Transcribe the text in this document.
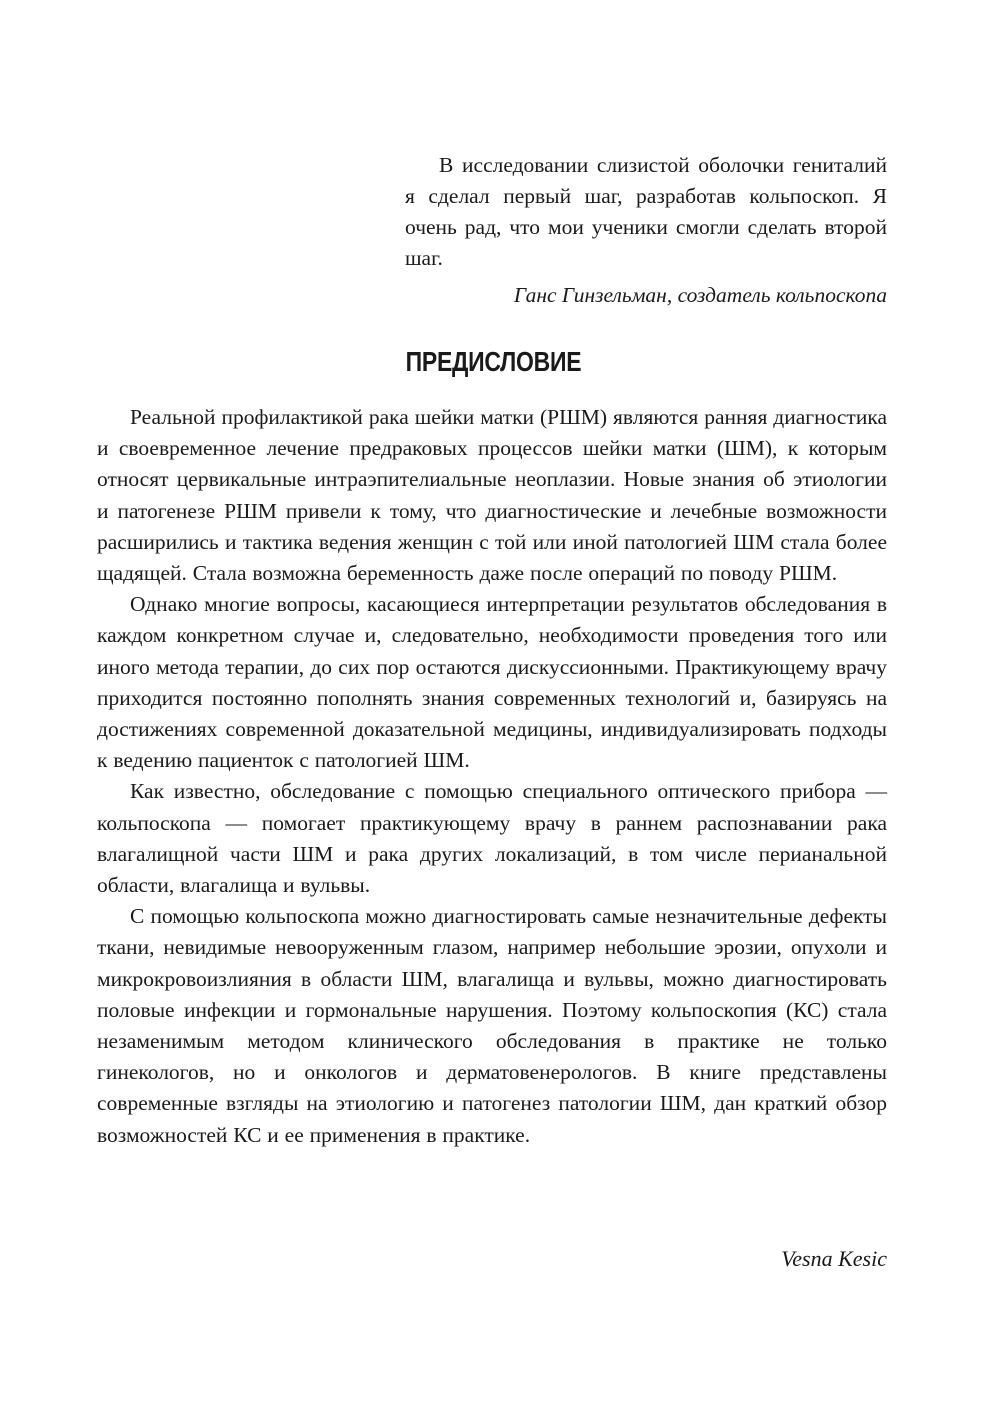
В исследовании слизистой оболочки гениталий я сделал первый шаг, разработав кольпоскоп. Я очень рад, что мои ученики смогли сделать второй шаг.

Ганс Гинзельман, создатель кольпоскопа

ПРЕДИСЛОВИЕ

Реальной профилактикой рака шейки матки (РШМ) являются ранняя диагностика и своевременное лечение предраковых процессов шейки матки (ШМ), к которым относят цервикальные интраэпителиальные неоплазии. Новые знания об этиологии и патогенезе РШМ привели к тому, что диагностические и лечебные возможности расширились и тактика ведения женщин с той или иной патологией ШМ стала более щадящей. Стала возможна беременность даже после операций по поводу РШМ.

Однако многие вопросы, касающиеся интерпретации результатов обследования в каждом конкретном случае и, следовательно, необходимости проведения того или иного метода терапии, до сих пор остаются дискуссионными. Практикующему врачу приходится постоянно пополнять знания современных технологий и, базируясь на достижениях современной доказательной медицины, индивидуализировать подходы к ведению пациенток с патологией ШМ.

Как известно, обследование с помощью специального оптического прибора — кольпоскопа — помогает практикующему врачу в раннем распознавании рака влагалищной части ШМ и рака других локализаций, в том числе перианальной области, влагалища и вульвы.

С помощью кольпоскопа можно диагностировать самые незначительные дефекты ткани, невидимые невооруженным глазом, например небольшие эрозии, опухоли и микрокровоизлияния в области ШМ, влагалища и вульвы, можно диагностировать половые инфекции и гормональные нарушения. Поэтому кольпоскопия (КС) стала незаменимым методом клинического обследования в практике не только гинекологов, но и онкологов и дерматовенерологов. В книге представлены современные взгляды на этиологию и патогенез патологии ШМ, дан краткий обзор возможностей КС и ее применения в практике.

Vesna Kesic
